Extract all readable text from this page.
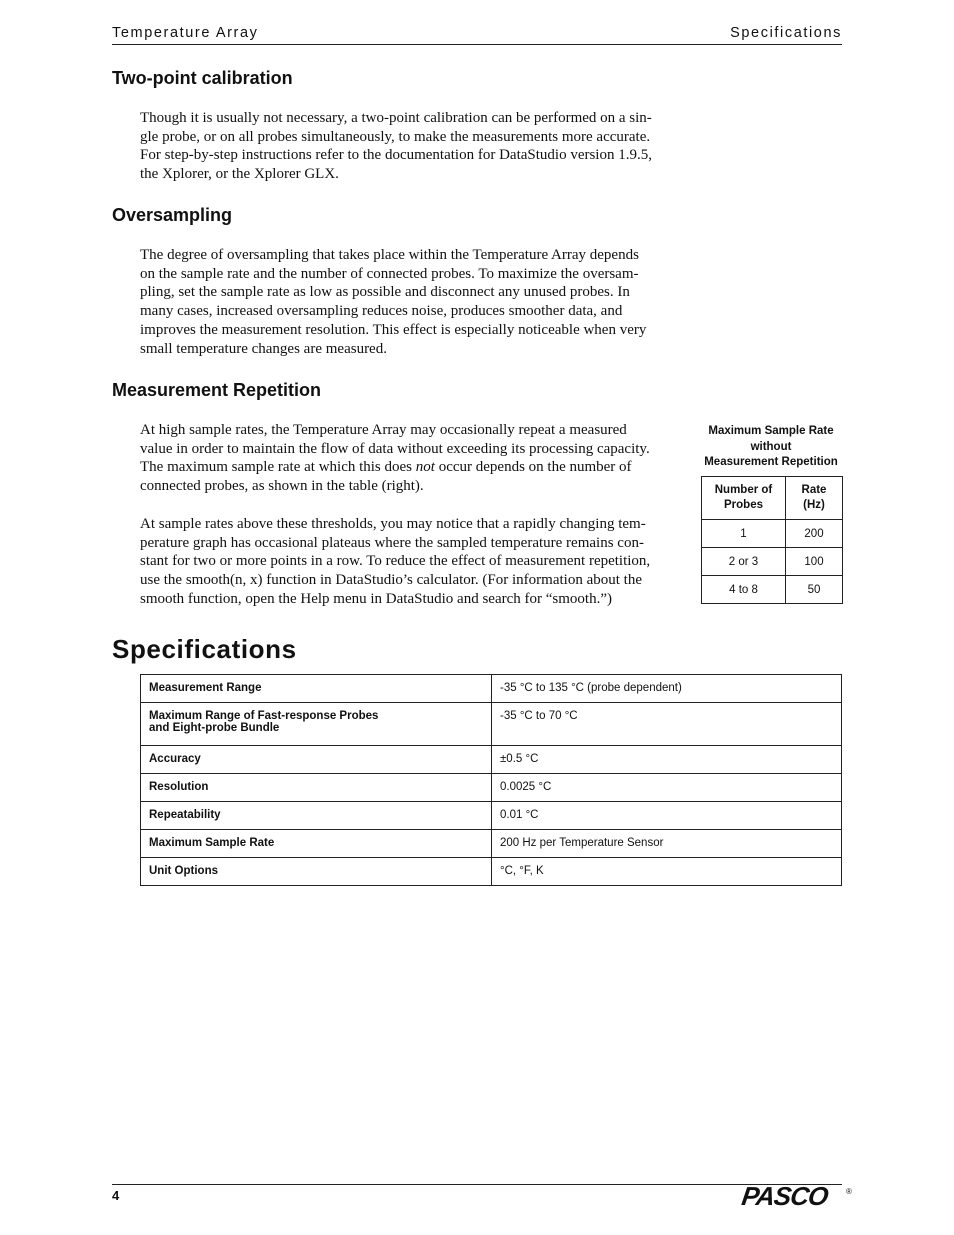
Temperature Array	Specifications
Two-point calibration

Though it is usually not necessary, a two-point calibration can be performed on a sin-
gle probe, or on all probes simultaneously, to make the measurements more accurate.
For step-by-step instructions refer to the documentation for DataStudio version 1.9.5,
the Xplorer, or the Xplorer GLX.

Oversampling

The degree of oversampling that takes place within the Temperature Array depends
on the sample rate and the number of connected probes. To maximize the oversam-
pling, set the sample rate as low as possible and disconnect any unused probes. In
many cases, increased oversampling reduces noise, produces smoother data, and
improves the measurement resolution. This effect is especially noticeable when very
small temperature changes are measured.

Measurement Repetition

At high sample rates, the Temperature Array may occasionally repeat a measured
value in order to maintain the flow of data without exceeding its processing capacity.
The maximum sample rate at which this does not occur depends on the number of
connected probes, as shown in the table (right).

At sample rates above these thresholds, you may notice that a rapidly changing tem-
perature graph has occasional plateaus where the sampled temperature remains con-
stant for two or more points in a row. To reduce the effect of measurement repetition,
use the smooth(n, x) function in DataStudio’s calculator. (For information about the
smooth function, open the Help menu in DataStudio and search for “smooth.”)

Maximum Sample Rate
without
Measurement Repetition
Number of
Probes	Rate
(Hz)
1	200
2 or 3	100
4 to 8	50
Specifications
Measurement Range	-35 °C to 135 °C (probe dependent)
Maximum Range of Fast-response Probes
and Eight-probe Bundle	-35 °C to 70 °C
Accuracy	±0.5 °C
Resolution	0.0025 °C
Repeatability	0.01 °C
Maximum Sample Rate	200 Hz per Temperature Sensor
Unit Options	°C, °F, K
4	PASCO	®
